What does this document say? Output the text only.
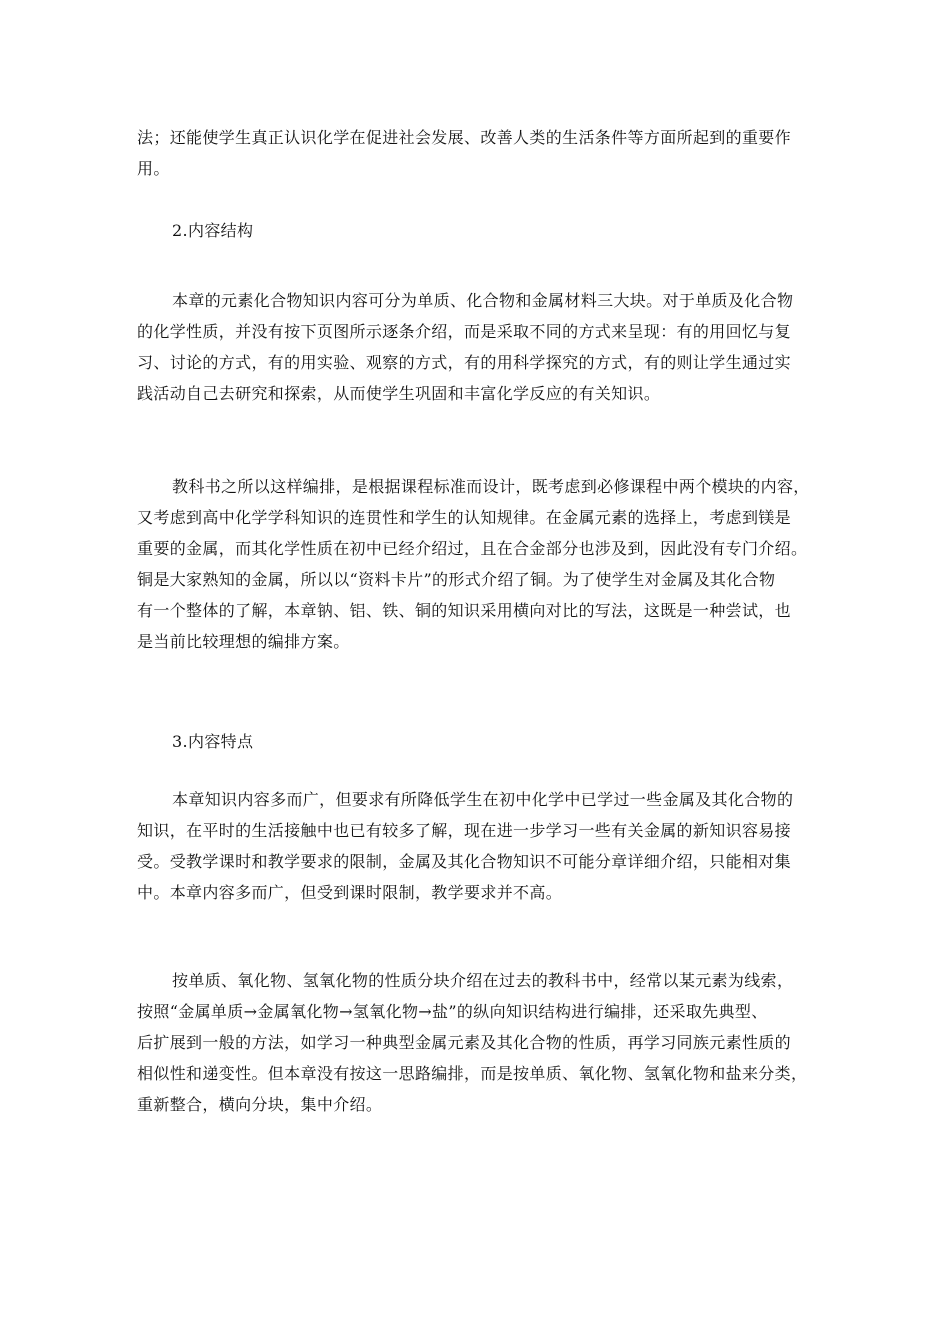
法；还能使学生真正认识化学在促进社会发展、改善人类的生活条件等方面所起到的重要作
用。
2.内容结构
本章的元素化合物知识内容可分为单质、化合物和金属材料三大块。对于单质及化合物
的化学性质，并没有按下页图所示逐条介绍，而是采取不同的方式来呈现：有的用回忆与复
习、讨论的方式，有的用实验、观察的方式，有的用科学探究的方式，有的则让学生通过实
践活动自己去研究和探索，从而使学生巩固和丰富化学反应的有关知识。
教科书之所以这样编排，是根据课程标准而设计，既考虑到必修课程中两个模块的内容，
又考虑到高中化学学科知识的连贯性和学生的认知规律。在金属元素的选择上，考虑到镁是
重要的金属，而其化学性质在初中已经介绍过，且在合金部分也涉及到，因此没有专门介绍。
铜是大家熟知的金属，所以以“资料卡片”的形式介绍了铜。为了使学生对金属及其化合物
有一个整体的了解，本章钠、铝、铁、铜的知识采用横向对比的写法，这既是一种尝试，也
是当前比较理想的编排方案。
3.内容特点
本章知识内容多而广，但要求有所降低学生在初中化学中已学过一些金属及其化合物的
知识，在平时的生活接触中也已有较多了解，现在进一步学习一些有关金属的新知识容易接
受。受教学课时和教学要求的限制，金属及其化合物知识不可能分章详细介绍，只能相对集
中。本章内容多而广，但受到课时限制，教学要求并不高。
按单质、氧化物、氢氧化物的性质分块介绍在过去的教科书中，经常以某元素为线索，
按照“金属单质→金属氧化物→氢氧化物→盐”的纵向知识结构进行编排，还采取先典型、
后扩展到一般的方法，如学习一种典型金属元素及其化合物的性质，再学习同族元素性质的
相似性和递变性。但本章没有按这一思路编排，而是按单质、氧化物、氢氧化物和盐来分类，
重新整合，横向分块，集中介绍。
